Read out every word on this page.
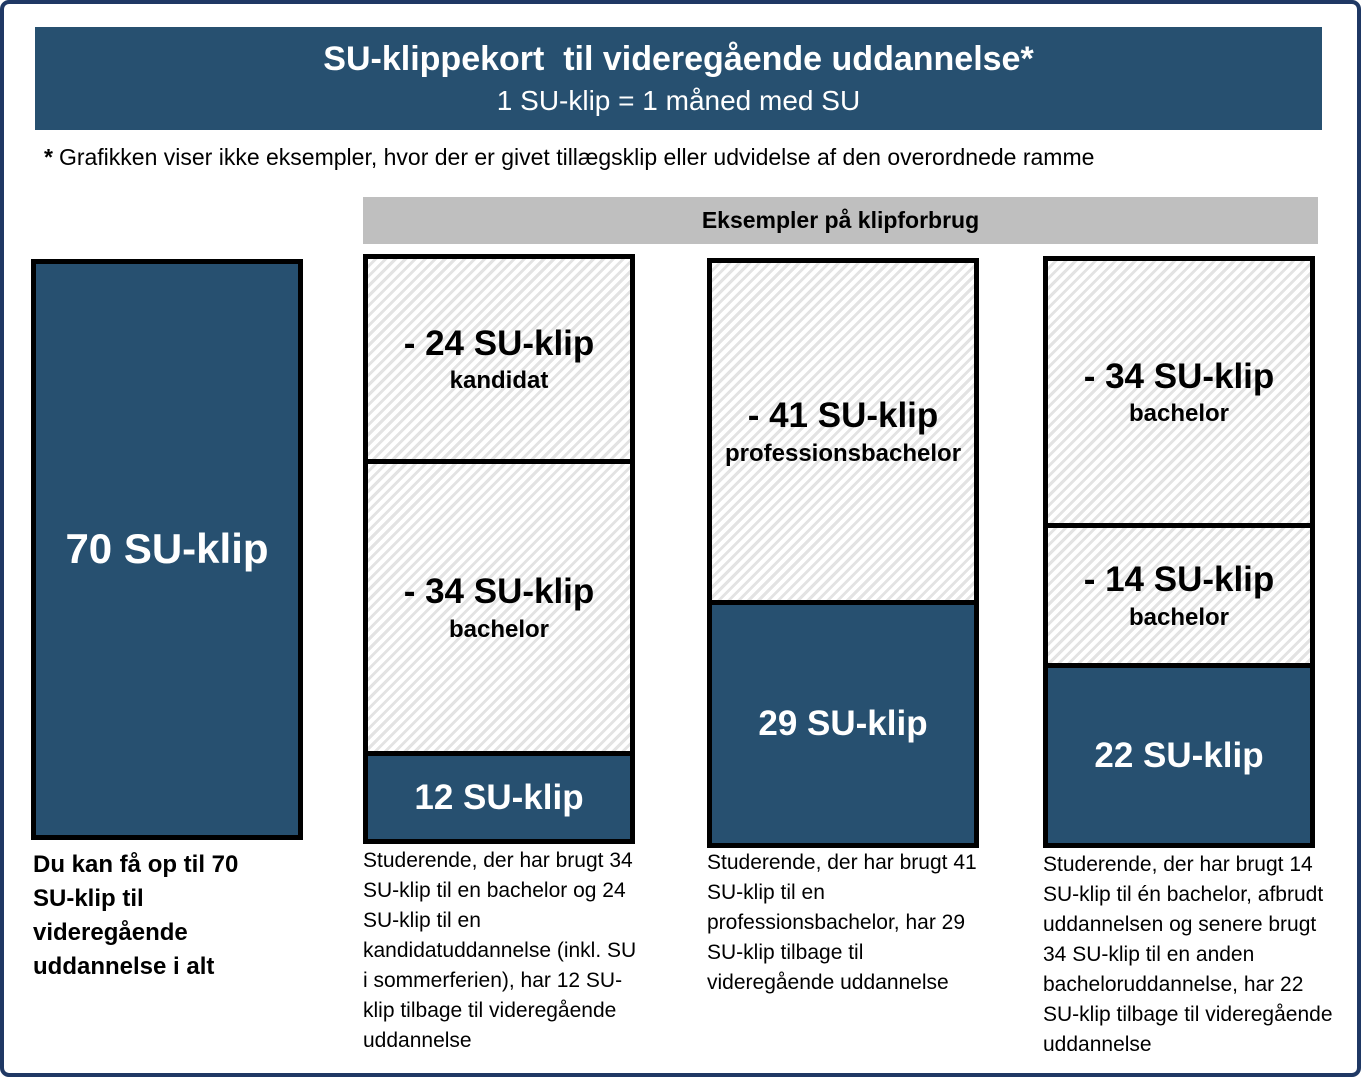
SU-klippekort  til videregående uddannelse*
1 SU-klip = 1 måned med SU
* Grafikken viser ikke eksempler, hvor der er givet tillægsklip eller udvidelse af den overordnede ramme
Eksempler på klipforbrug
70 SU-klip
Du kan få op til 70 SU-klip til videregående uddannelse i alt
- 24 SU-klip
kandidat
- 34 SU-klip
bachelor
12 SU-klip
Studerende, der har brugt 34 SU-klip til en bachelor og 24 SU-klip til en kandidatuddannelse (inkl. SU i sommerferien), har 12 SU-klip tilbage til videregående uddannelse
- 41 SU-klip
professionsbachelor
29 SU-klip
Studerende, der har brugt 41 SU-klip til en professionsbachelor, har 29 SU-klip tilbage til videregående uddannelse
- 34 SU-klip
bachelor
- 14 SU-klip
bachelor
22 SU-klip
Studerende, der har brugt 14 SU-klip til én bachelor, afbrudt uddannelsen og senere brugt 34 SU-klip til en anden bacheloruddannelse, har 22 SU-klip tilbage til videregående uddannelse
